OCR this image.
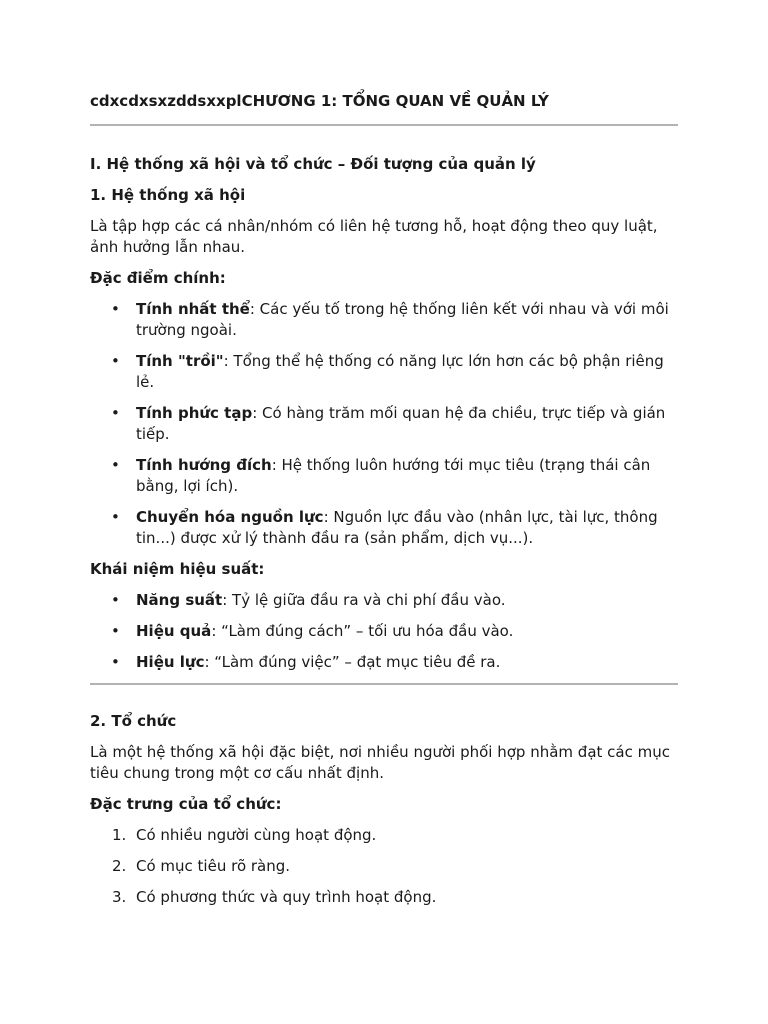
cdxcdxsxzddsxxplCHƯƠNG 1: TỔNG QUAN VỀ QUẢN LÝ
I. Hệ thống xã hội và tổ chức – Đối tượng của quản lý
1. Hệ thống xã hội

Là tập hợp các cá nhân/nhóm có liên hệ tương hỗ, hoạt động theo quy luật, ảnh hưởng lẫn nhau.

Đặc điểm chính:
• Tính nhất thể: Các yếu tố trong hệ thống liên kết với nhau và với môi trường ngoài.
• Tính "trồi": Tổng thể hệ thống có năng lực lớn hơn các bộ phận riêng lẻ.
• Tính phức tạp: Có hàng trăm mối quan hệ đa chiều, trực tiếp và gián tiếp.
• Tính hướng đích: Hệ thống luôn hướng tới mục tiêu (trạng thái cân bằng, lợi ích).
• Chuyển hóa nguồn lực: Nguồn lực đầu vào (nhân lực, tài lực, thông tin...) được xử lý thành đầu ra (sản phẩm, dịch vụ...).
Khái niệm hiệu suất:
• Năng suất: Tỷ lệ giữa đầu ra và chi phí đầu vào.
• Hiệu quả: “Làm đúng cách” – tối ưu hóa đầu vào.
• Hiệu lực: “Làm đúng việc” – đạt mục tiêu đề ra.
2. Tổ chức

Là một hệ thống xã hội đặc biệt, nơi nhiều người phối hợp nhằm đạt các mục tiêu chung trong một cơ cấu nhất định.

Đặc trưng của tổ chức:
1. Có nhiều người cùng hoạt động.
2. Có mục tiêu rõ ràng.
3. Có phương thức và quy trình hoạt động.
